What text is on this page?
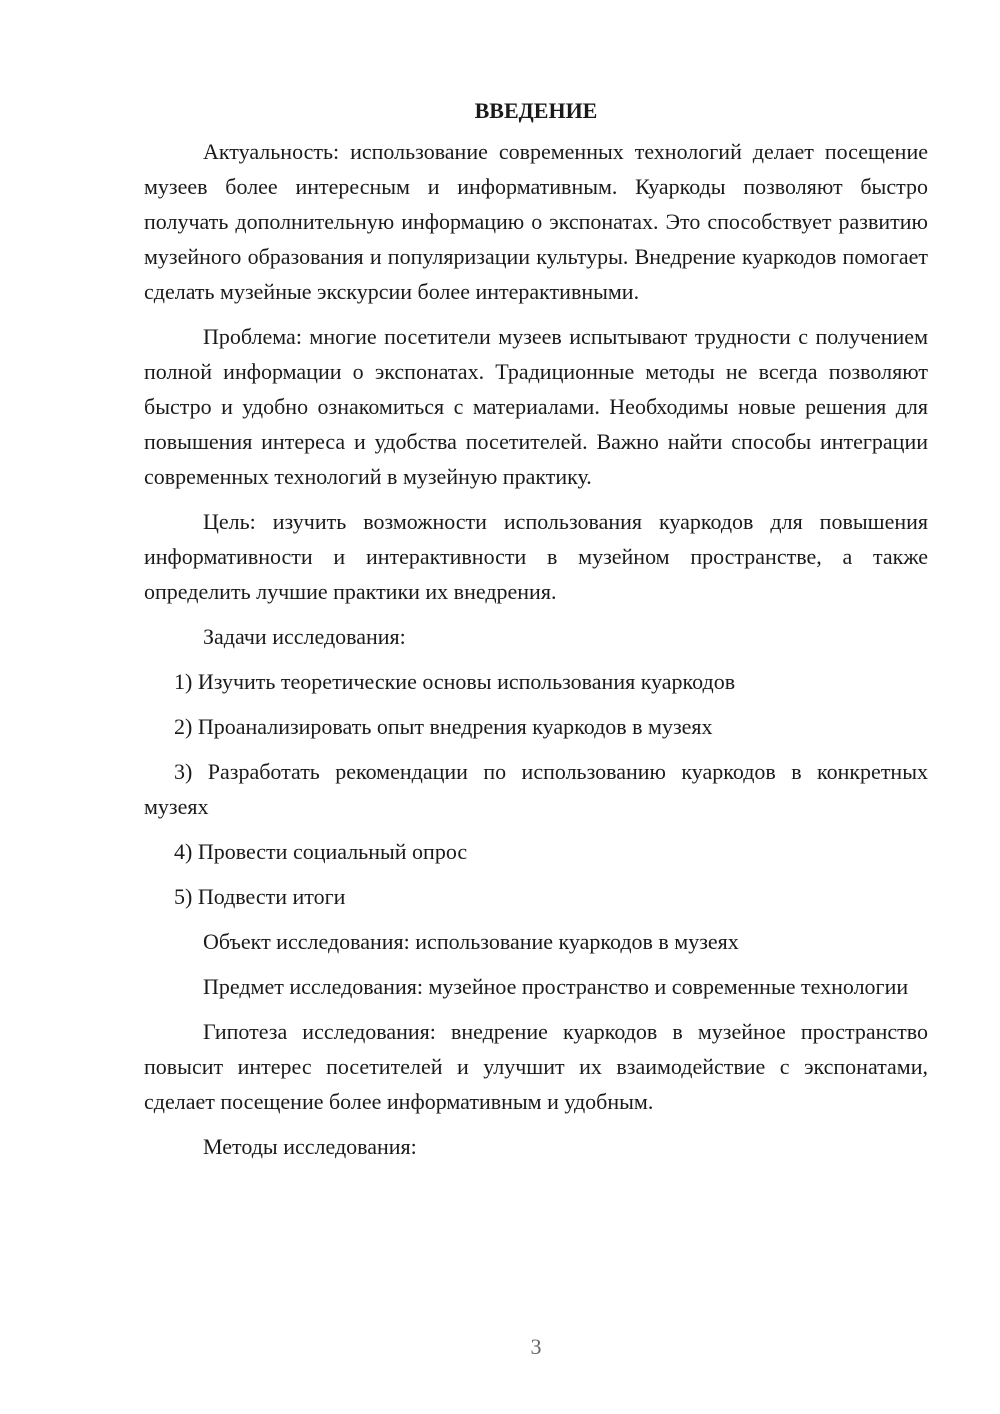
ВВЕДЕНИЕ

Актуальность: использование современных технологий делает посещение музеев более интересным и информативным. Куаркоды позволяют быстро получать дополнительную информацию о экспонатах. Это способствует развитию музейного образования и популяризации культуры. Внедрение куаркодов помогает сделать музейные экскурсии более интерактивными.

Проблема: многие посетители музеев испытывают трудности с получением полной информации о экспонатах. Традиционные методы не всегда позволяют быстро и удобно ознакомиться с материалами. Необходимы новые решения для повышения интереса и удобства посетителей. Важно найти способы интеграции современных технологий в музейную практику.

Цель: изучить возможности использования куаркодов для повышения информативности и интерактивности в музейном пространстве, а также определить лучшие практики их внедрения.

Задачи исследования:

1) Изучить теоретические основы использования куаркодов

2) Проанализировать опыт внедрения куаркодов в музеях

3) Разработать рекомендации по использованию куаркодов в конкретных музеях

4) Провести социальный опрос

5) Подвести итоги

Объект исследования: использование куаркодов в музеях

Предмет исследования: музейное пространство и современные технологии

Гипотеза исследования: внедрение куаркодов в музейное пространство повысит интерес посетителей и улучшит их взаимодействие с экспонатами, сделает посещение более информативным и удобным.

Методы исследования:

3
